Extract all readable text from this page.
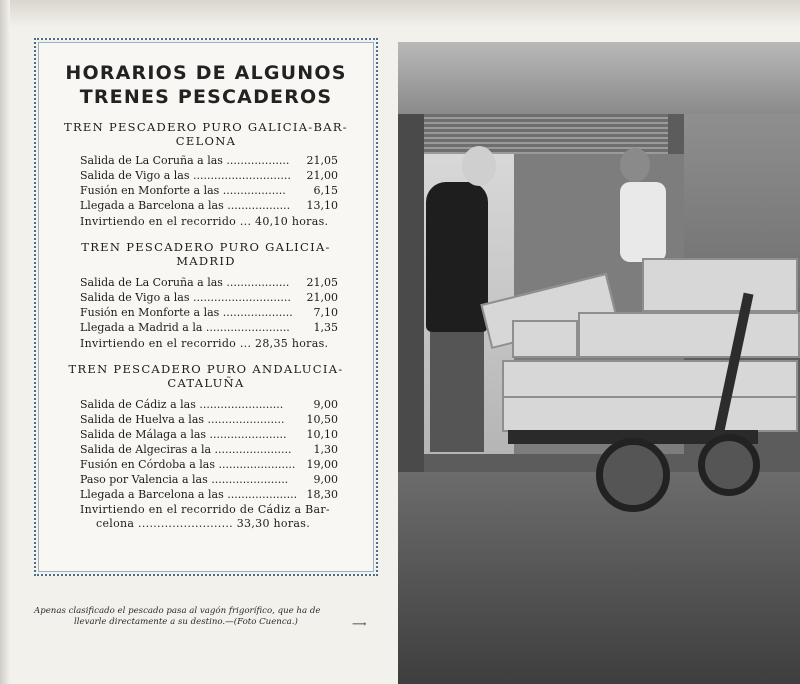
HORARIOS DE ALGUNOS
TRENES PESCADEROS
TREN PESCADERO PURO GALICIA-BAR-
CELONA
Salida de La Coruña a las ..................	21,05
Salida de Vigo a las ............................	21,00
Fusión en Monforte a las ..................	6,15
Llegada a Barcelona a las ..................	13,10
Invirtiendo en el recorrido ... 40,10 horas.
TREN PESCADERO PURO GALICIA-
MADRID
Salida de La Coruña a las ..................	21,05
Salida de Vigo a las ............................	21,00
Fusión en Monforte a las ....................	7,10
Llegada a Madrid a la ........................	1,35
Invirtiendo en el recorrido ... 28,35 horas.
TREN PESCADERO PURO ANDALUCIA-
CATALUÑA
Salida de Cádiz a las ........................	9,00
Salida de Huelva a las ......................	10,50
Salida de Málaga a las ......................	10,10
Salida de Algeciras a la ......................	1,30
Fusión en Córdoba a las ......................	19,00
Paso por Valencia a las ......................	9,00
Llegada a Barcelona a las .................... 18,30
Invirtiendo en el recorrido de Cádiz a Bar-
celona ......................... 33,30 horas.
Apenas clasificado el pescado pasa al vagón frigorífico, que ha de
llevarle directamente a su destino.—(Foto Cuenca.)	⟶
